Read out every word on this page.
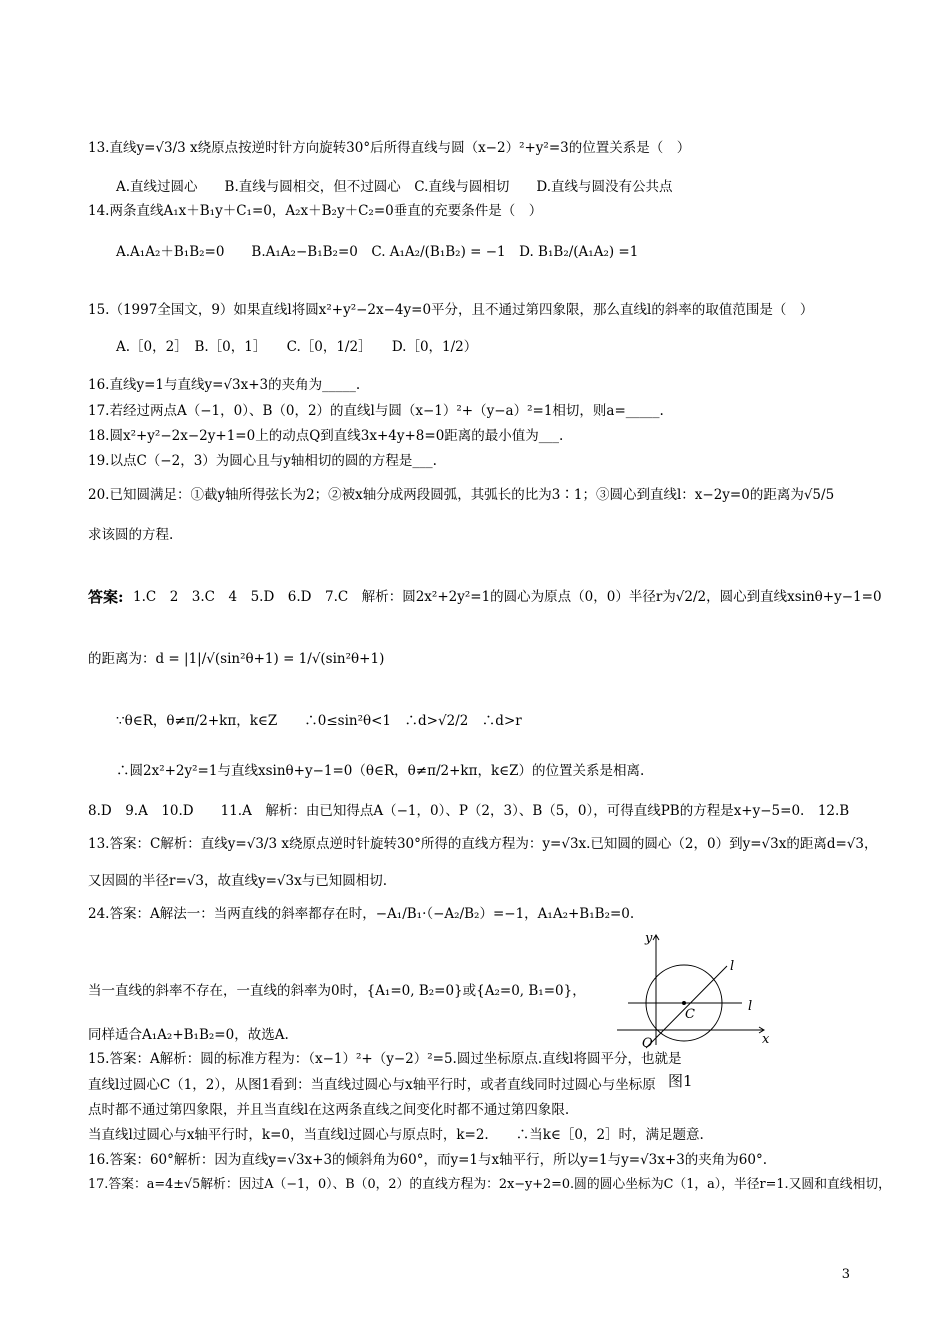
13.直线y=√3/3 x绕原点按逆时针方向旋转30°后所得直线与圆（x−2）²+y²=3的位置关系是（　）
A.直线过圆心　　B.直线与圆相交，但不过圆心　C.直线与圆相切　　D.直线与圆没有公共点
14.两条直线A₁x＋B₁y＋C₁=0，A₂x＋B₂y＋C₂=0垂直的充要条件是（　）
A.A₁A₂＋B₁B₂=0　　B.A₁A₂−B₁B₂=0　C. A₁A₂/(B₁B₂) = −1　D. B₁B₂/(A₁A₂) =1
15.（1997全国文，9）如果直线l将圆x²+y²−2x−4y=0平分，且不通过第四象限，那么直线l的斜率的取值范围是（　）
A.［0，2］　B.［0，1］　　C.［0，1/2］　　D.［0，1/2）
16.直线y=1与直线y=√3x+3的夹角为_____.
17.若经过两点A（−1，0）、B（0，2）的直线l与圆（x−1）²+（y−a）²=1相切，则a=_____.
18.圆x²+y²−2x−2y+1=0上的动点Q到直线3x+4y+8=0距离的最小值为___.
19.以点C（−2，3）为圆心且与y轴相切的圆的方程是___.
20.已知圆满足：①截y轴所得弦长为2；②被x轴分成两段圆弧，其弧长的比为3∶1；③圆心到直线l：x−2y=0的距离为√5/5
求该圆的方程.
答案: 1.C　2　3.C　4　5.D　6.D　7.C　解析：圆2x²+2y²=1的圆心为原点（0，0）半径r为√2/2，圆心到直线xsinθ+y−1=0
的距离为：d = |1|/√(sin²θ+1) = 1/√(sin²θ+1)
∵θ∈R，θ≠π/2+kπ，k∈Z　　∴0≤sin²θ<1　∴d>√2/2　∴d>r
∴圆2x²+2y²=1与直线xsinθ+y−1=0（θ∈R，θ≠π/2+kπ，k∈Z）的位置关系是相离.
8.D　9.A　10.D　　11.A　解析：由已知得点A（−1，0）、P（2，3）、B（5，0），可得直线PB的方程是x+y−5=0.　12.B
13.答案：C解析：直线y=√3/3 x绕原点逆时针旋转30°所得的直线方程为：y=√3x.已知圆的圆心（2，0）到y=√3x的距离d=√3，
又因圆的半径r=√3，故直线y=√3x与已知圆相切.
24.答案：A解法一：当两直线的斜率都存在时，−A₁/B₁·（−A₂/B₂）=−1，A₁A₂+B₁B₂=0.
当一直线的斜率不存在，一直线的斜率为0时，{A₁=0, B₂=0}或{A₂=0, B₁=0}，
同样适合A₁A₂+B₁B₂=0，故选A.
15.答案：A解析：圆的标准方程为：（x−1）²+（y−2）²=5.圆过坐标原点.直线l将圆平分，也就是
直线l过圆心C（1，2），从图1看到：当直线过圆心与x轴平行时，或者直线同时过圆心与坐标原
点时都不通过第四象限，并且当直线l在这两条直线之间变化时都不通过第四象限.
当直线l过圆心与x轴平行时，k=0，当直线l过圆心与原点时，k=2.　　∴当k∈［0，2］时，满足题意.
16.答案：60°解析：因为直线y=√3x+3的倾斜角为60°，而y=1与x轴平行，所以y=1与y=√3x+3的夹角为60°.
17.答案：a=4±√5解析：因过A（−1，0）、B（0，2）的直线方程为：2x−y+2=0.圆的圆心坐标为C（1，a），半径r=1.又圆和直线相切，
y
x
l
l
C
O
图1
3
